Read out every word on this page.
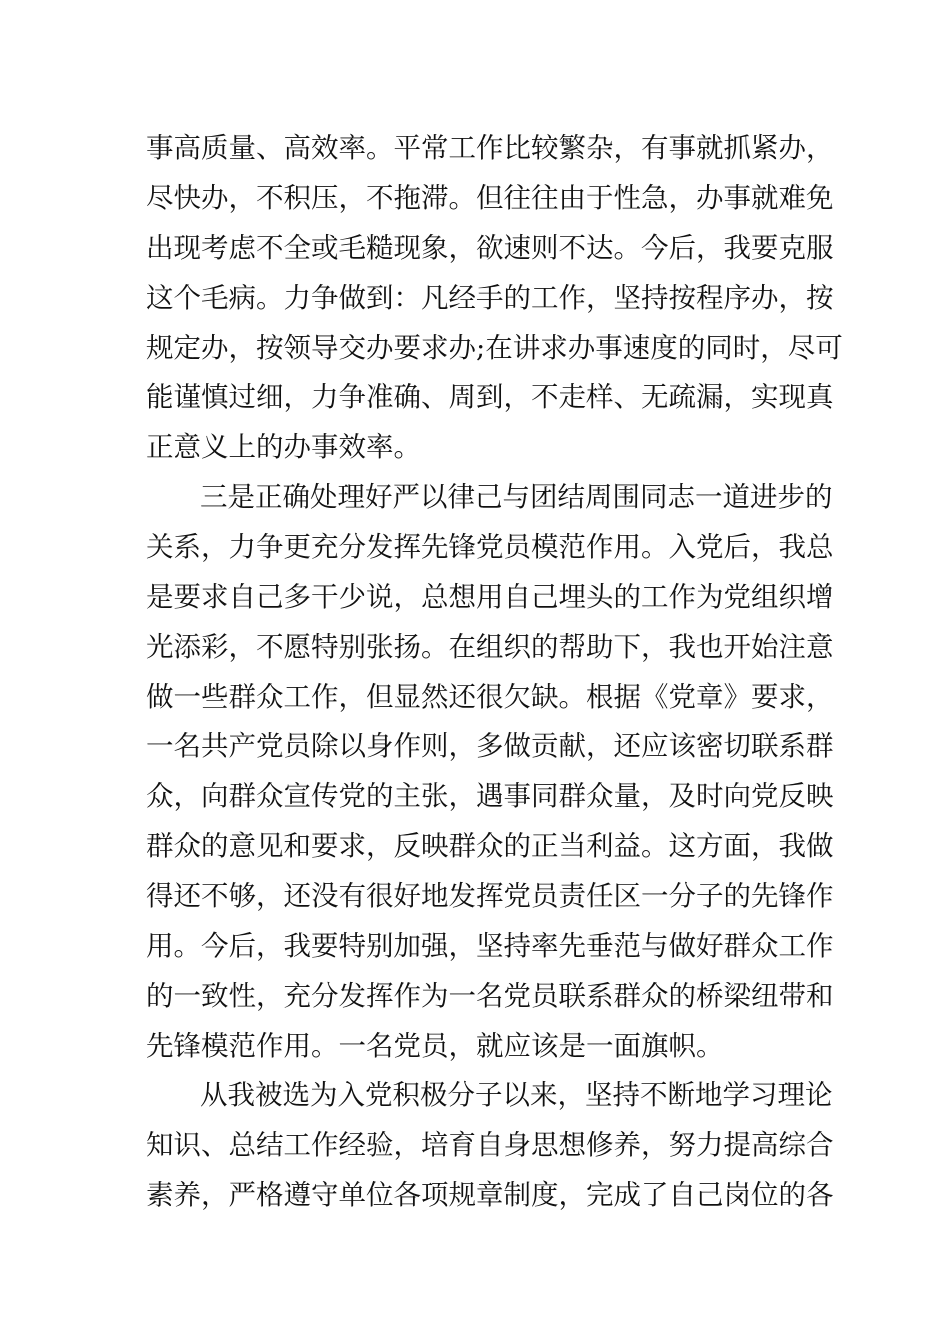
事高质量、高效率。平常工作比较繁杂，有事就抓紧办，

尽快办，不积压，不拖滞。但往往由于性急，办事就难免

出现考虑不全或毛糙现象，欲速则不达。今后，我要克服

这个毛病。力争做到：凡经手的工作，坚持按程序办，按

规定办，按领导交办要求办;在讲求办事速度的同时，尽可

能谨慎过细，力争准确、周到，不走样、无疏漏，实现真

正意义上的办事效率。

三是正确处理好严以律己与团结周围同志一道进步的

关系，力争更充分发挥先锋党员模范作用。入党后，我总

是要求自己多干少说，总想用自己埋头的工作为党组织增

光添彩，不愿特别张扬。在组织的帮助下，我也开始注意

做一些群众工作，但显然还很欠缺。根据《党章》要求，

一名共产党员除以身作则，多做贡献，还应该密切联系群

众，向群众宣传党的主张，遇事同群众量，及时向党反映

群众的意见和要求，反映群众的正当利益。这方面，我做

得还不够，还没有很好地发挥党员责任区一分子的先锋作

用。今后，我要特别加强，坚持率先垂范与做好群众工作

的一致性，充分发挥作为一名党员联系群众的桥梁纽带和

先锋模范作用。一名党员，就应该是一面旗帜。

从我被选为入党积极分子以来，坚持不断地学习理论

知识、总结工作经验，培育自身思想修养，努力提高综合

素养，严格遵守单位各项规章制度，完成了自己岗位的各
